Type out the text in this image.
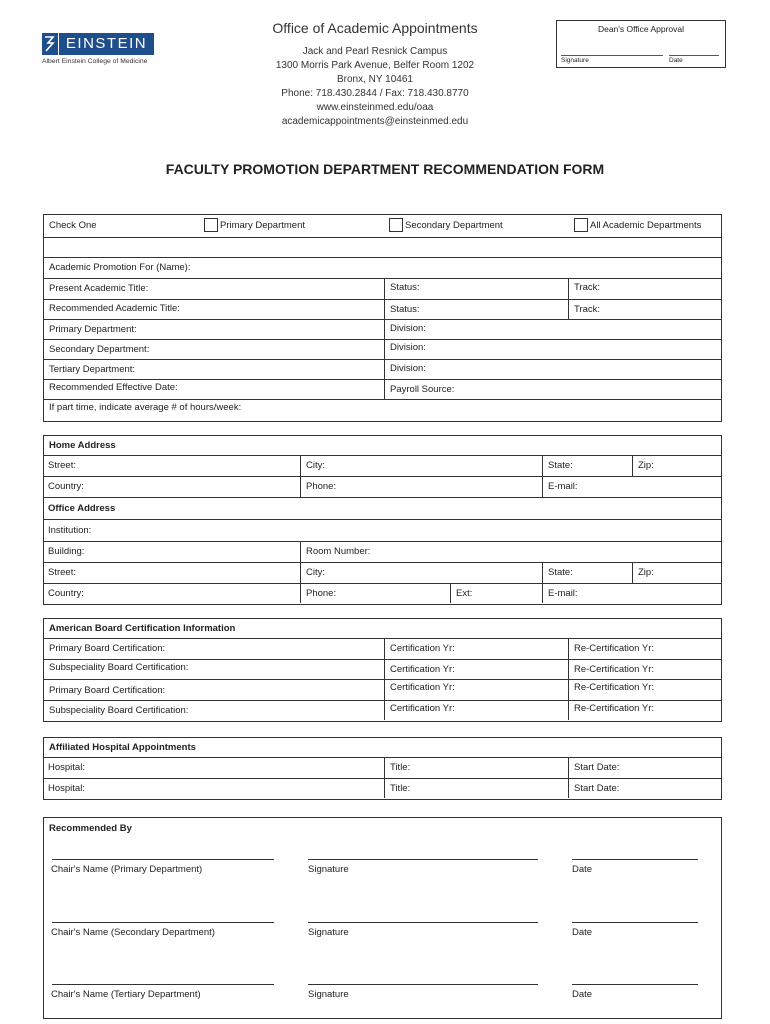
EINSTEIN
Albert Einstein College of Medicine
Office of Academic Appointments
Jack and Pearl Resnick Campus
1300 Morris Park Avenue, Belfer Room 1202
Bronx, NY 10461
Phone: 718.430.2844 / Fax: 718.430.8770
www.einsteinmed.edu/oaa
academicappointments@einsteinmed.edu
Dean's Office Approval
Signature	Date
FACULTY PROMOTION DEPARTMENT RECOMMENDATION FORM
Check One	Primary Department	Secondary Department	All Academic Departments
Academic Promotion For (Name):
Present Academic Title:	Status:	Track:
Recommended Academic Title:	Status:	Track:
Primary Department:	Division:
Secondary Department:	Division:
Tertiary Department:	Division:
Recommended Effective Date:	Payroll Source:
If part time, indicate average # of hours/week:
Home Address
Street:	City:	State:	Zip:
Country:	Phone:	E-mail:
Office Address
Institution:
Building:	Room Number:
Street:	City:	State:	Zip:
Country:	Phone:	Ext:	E-mail:
American Board Certification Information
Primary Board Certification:	Certification Yr:	Re-Certification Yr:
Subspeciality Board Certification:	Certification Yr:	Re-Certification Yr:
Primary Board Certification:	Certification Yr:	Re-Certification Yr:
Subspeciality Board Certification:	Certification Yr:	Re-Certification Yr:
Affiliated Hospital Appointments
Hospital:	Title:	Start Date:
Hospital:	Title:	Start Date:
Recommended By
Chair's Name (Primary Department)	Signature	Date
Chair's Name (Secondary Department)	Signature	Date
Chair's Name (Tertiary Department)	Signature	Date
